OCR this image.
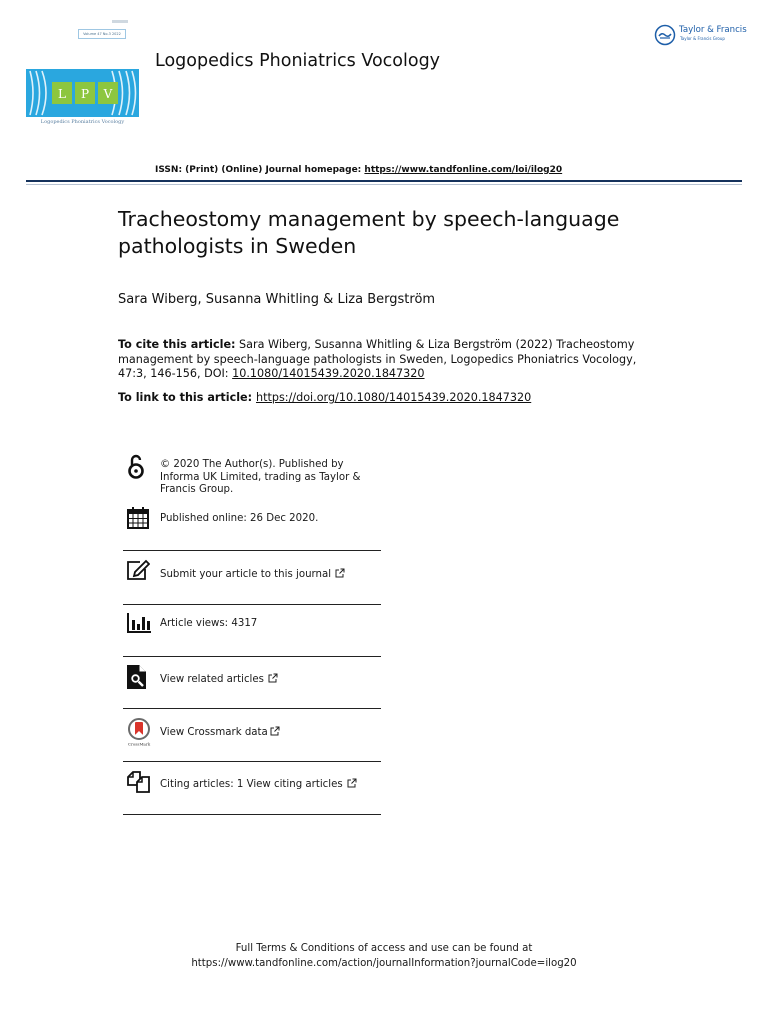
Volume 47 No.3 2022
L P V
Logopedics Phoniatrics Vocology
Logopedics Phoniatrics Vocology
Taylor & Francis
Taylor & Francis Group
ISSN: (Print) (Online) Journal homepage: https://www.tandfonline.com/loi/ilog20
Tracheostomy management by speech-language pathologists in Sweden
Sara Wiberg, Susanna Whitling & Liza Bergström
To cite this article: Sara Wiberg, Susanna Whitling & Liza Bergström (2022) Tracheostomy management by speech-language pathologists in Sweden, Logopedics Phoniatrics Vocology, 47:3, 146-156, DOI: 10.1080/14015439.2020.1847320
To link to this article: https://doi.org/10.1080/14015439.2020.1847320
© 2020 The Author(s). Published by Informa UK Limited, trading as Taylor & Francis Group.
Published online: 26 Dec 2020.
Submit your article to this journal
Article views: 4317
View related articles
CrossMark
View Crossmark data
Citing articles: 1 View citing articles
Full Terms & Conditions of access and use can be found at
https://www.tandfonline.com/action/journalInformation?journalCode=ilog20
